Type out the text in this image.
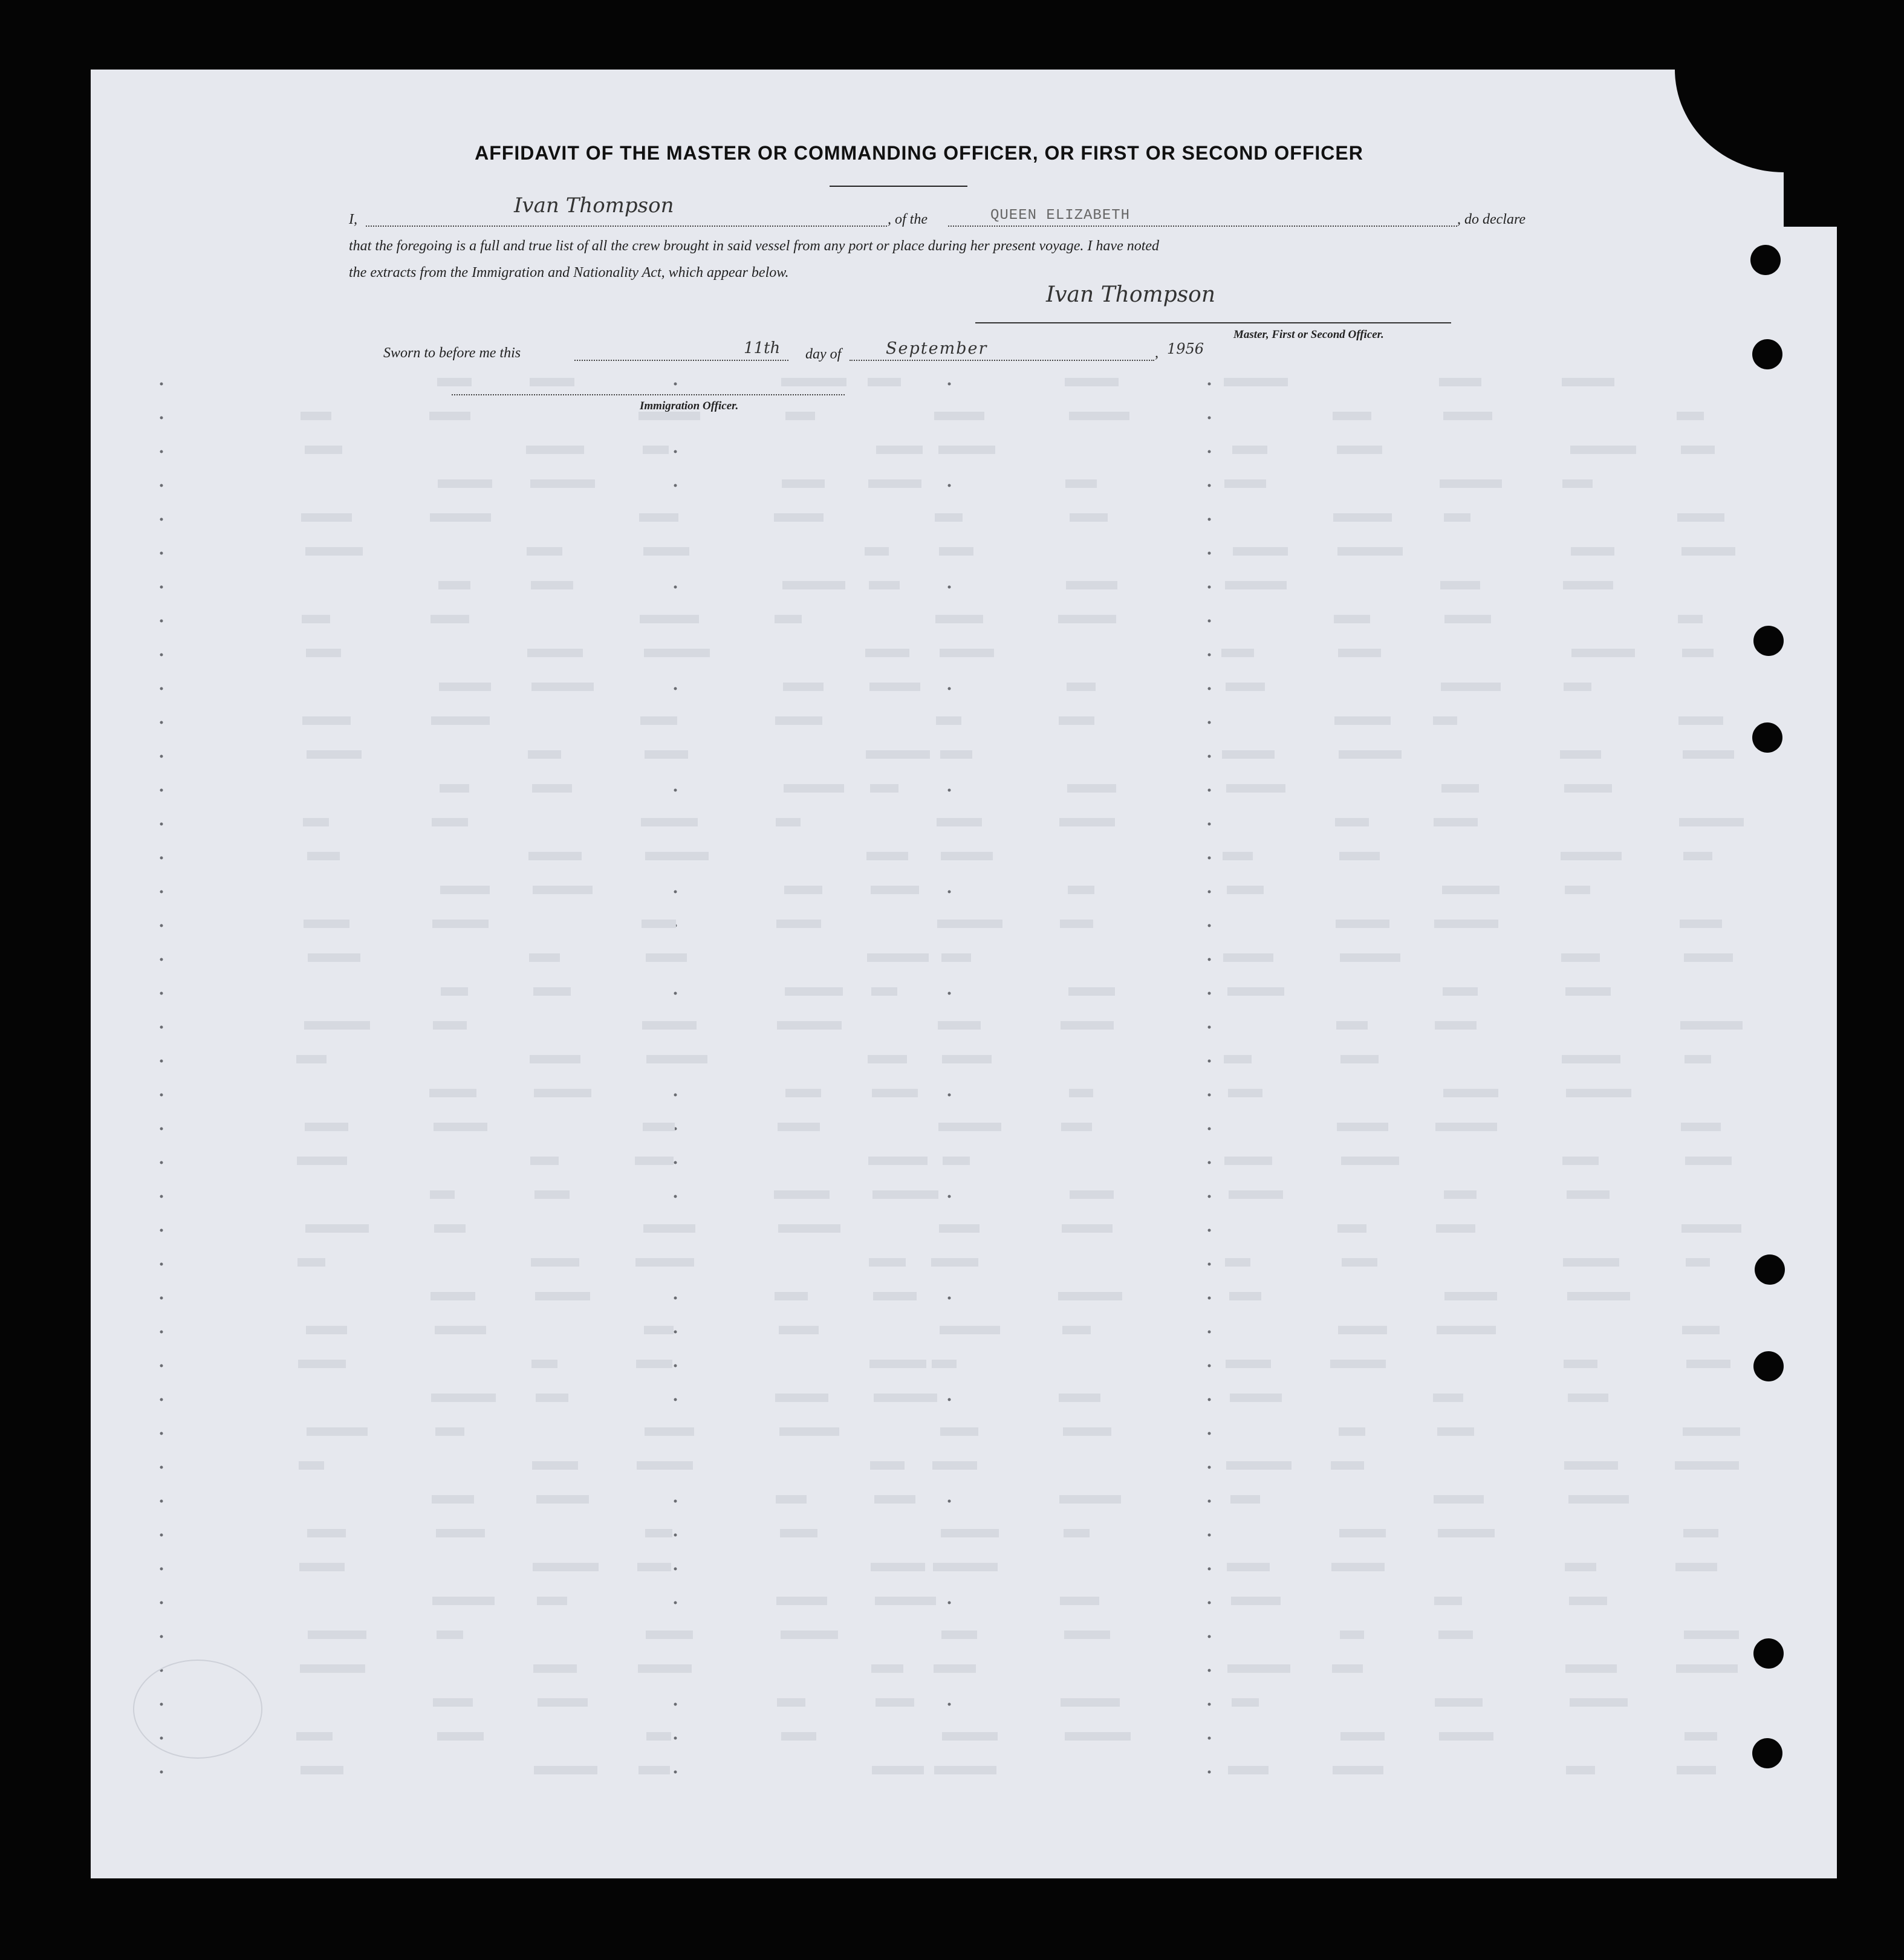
AFFIDAVIT OF THE MASTER OR COMMANDING OFFICER, OR FIRST OR SECOND OFFICER
I,
Ivan Thompson
, of the	QUEEN ELIZABETH	, do declare
that the foregoing is a full and true list of all the crew brought in said vessel from any port or place during her present voyage. I have noted
the extracts from the Immigration and Nationality Act, which appear below.
Ivan Thompson
Master, First or Second Officer.
Sworn to before me this	11th day of	September	, 1956
Immigration Officer.
